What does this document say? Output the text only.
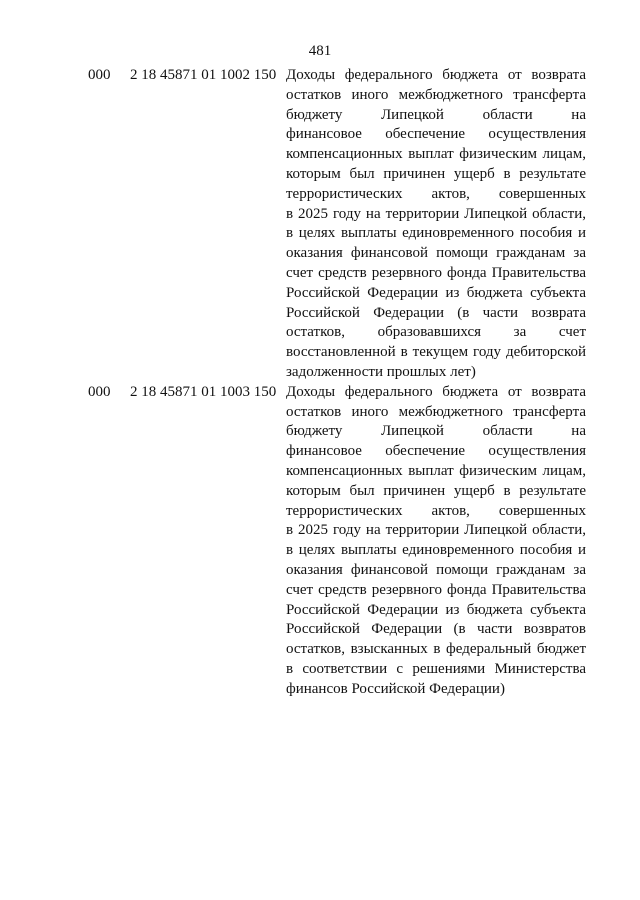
481
000 2 18 45871 01 1002 150 Доходы федерального бюджета от возврата
остатков иного межбюджетного трансферта
бюджету Липецкой области на
финансовое обеспечение осуществления
компенсационных выплат физическим лицам,
которым был причинен ущерб в результате
террористических актов, совершенных
в 2025 году на территории Липецкой области,
в целях выплаты единовременного пособия и
оказания финансовой помощи гражданам за
счет средств резервного фонда Правительства
Российской Федерации из бюджета субъекта
Российской Федерации (в части возврата
остатков, образовавшихся за счет
восстановленной в текущем году дебиторской
задолженности прошлых лет)
000 2 18 45871 01 1003 150 Доходы федерального бюджета от возврата
остатков иного межбюджетного трансферта
бюджету Липецкой области на
финансовое обеспечение осуществления
компенсационных выплат физическим лицам,
которым был причинен ущерб в результате
террористических актов, совершенных
в 2025 году на территории Липецкой области,
в целях выплаты единовременного пособия и
оказания финансовой помощи гражданам за
счет средств резервного фонда Правительства
Российской Федерации из бюджета субъекта
Российской Федерации (в части возвратов
остатков, взысканных в федеральный бюджет
в соответствии с решениями Министерства
финансов Российской Федерации)
